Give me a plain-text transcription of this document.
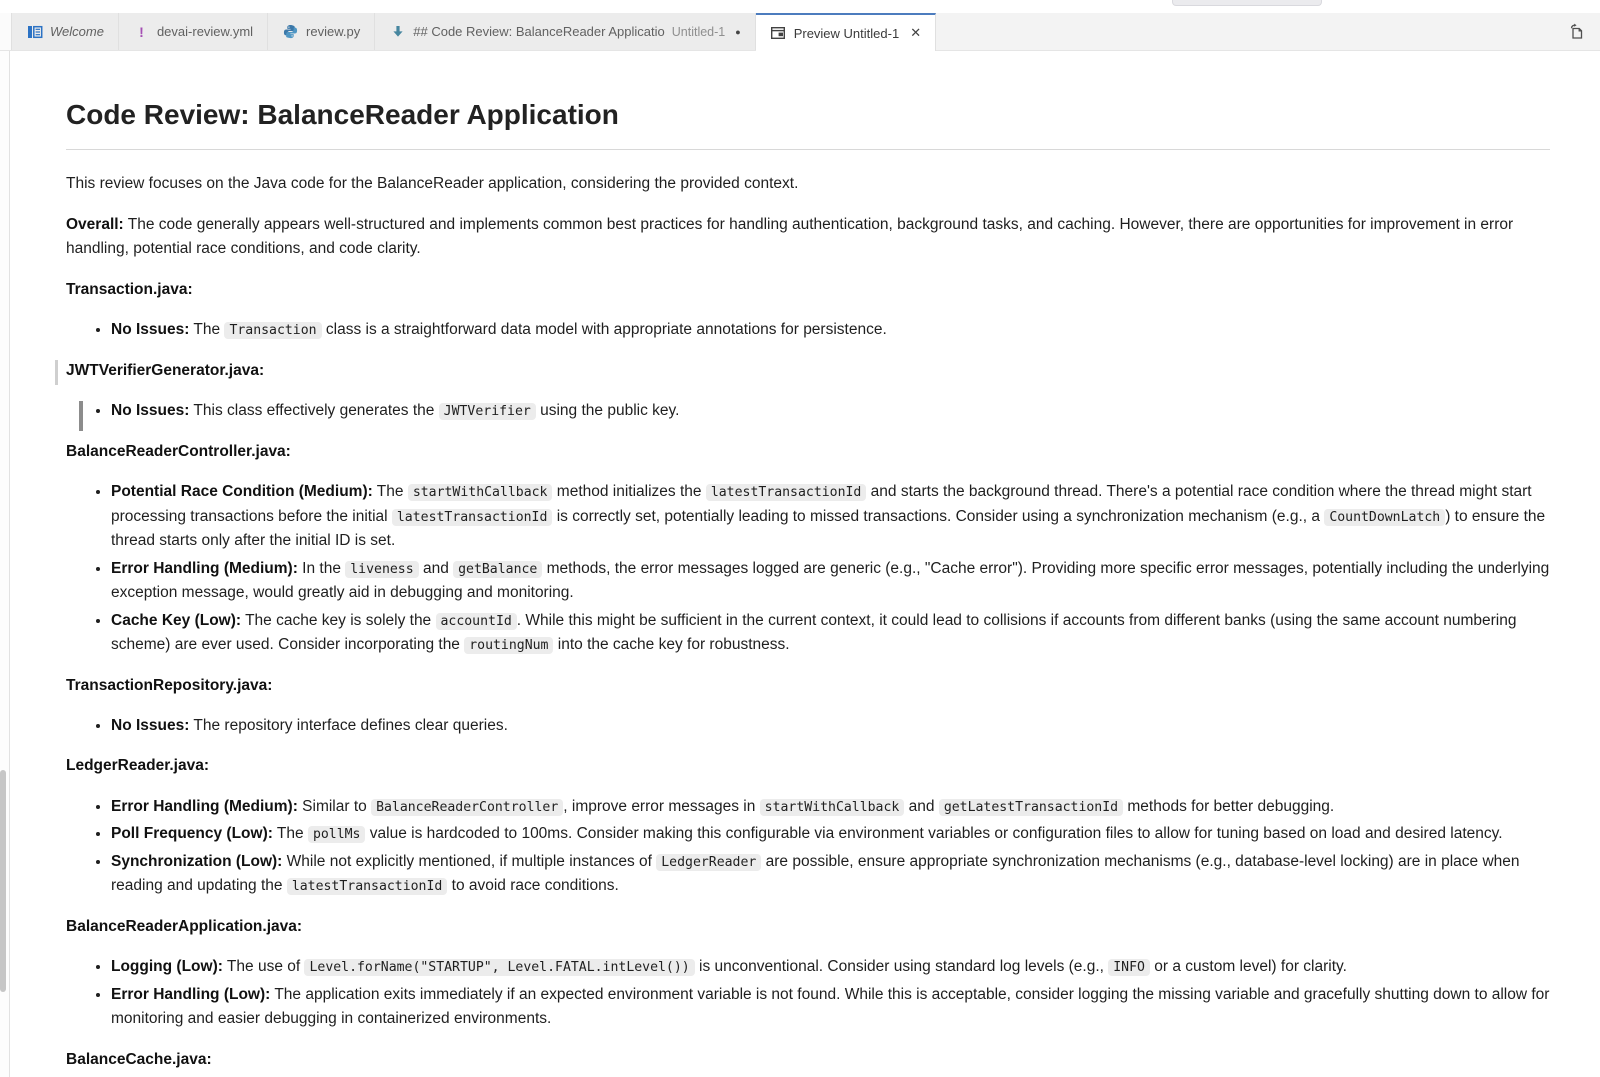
Welcome	!	devai-review.yml	review.py	## Code Review: BalanceReader Applicatio Untitled-1 ●	Preview Untitled-1 ✕
Code Review: BalanceReader Application

This review focuses on the Java code for the BalanceReader application, considering the provided context.

Overall: The code generally appears well-structured and implements common best practices for handling authentication, background tasks, and caching. However, there are opportunities for improvement in error handling, potential race conditions, and code clarity.

Transaction.java:

• No Issues: The Transaction class is a straightforward data model with appropriate annotations for persistence.

JWTVerifierGenerator.java:

• No Issues: This class effectively generates the JWTVerifier using the public key.

BalanceReaderController.java:

• Potential Race Condition (Medium): The startWithCallback method initializes the latestTransactionId and starts the background thread. There's a potential race condition where the thread might start processing transactions before the initial latestTransactionId is correctly set, potentially leading to missed transactions. Consider using a synchronization mechanism (e.g., a CountDownLatch ) to ensure the thread starts only after the initial ID is set.
• Error Handling (Medium): In the liveness and getBalance methods, the error messages logged are generic (e.g., "Cache error"). Providing more specific error messages, potentially including the underlying exception message, would greatly aid in debugging and monitoring.
• Cache Key (Low): The cache key is solely the accountId . While this might be sufficient in the current context, it could lead to collisions if accounts from different banks (using the same account numbering scheme) are ever used. Consider incorporating the routingNum into the cache key for robustness.

TransactionRepository.java:

• No Issues: The repository interface defines clear queries.

LedgerReader.java:

• Error Handling (Medium): Similar to BalanceReaderController , improve error messages in startWithCallback and getLatestTransactionId methods for better debugging.
• Poll Frequency (Low): The pollMs value is hardcoded to 100ms. Consider making this configurable via environment variables or configuration files to allow for tuning based on load and desired latency.
• Synchronization (Low): While not explicitly mentioned, if multiple instances of LedgerReader are possible, ensure appropriate synchronization mechanisms (e.g., database-level locking) are in place when reading and updating the latestTransactionId to avoid race conditions.

BalanceReaderApplication.java:

• Logging (Low): The use of Level.forName("STARTUP", Level.FATAL.intLevel()) is unconventional. Consider using standard log levels (e.g., INFO or a custom level) for clarity.
• Error Handling (Low): The application exits immediately if an expected environment variable is not found. While this is acceptable, consider logging the missing variable and gracefully shutting down to allow for monitoring and easier debugging in containerized environments.

BalanceCache.java:
